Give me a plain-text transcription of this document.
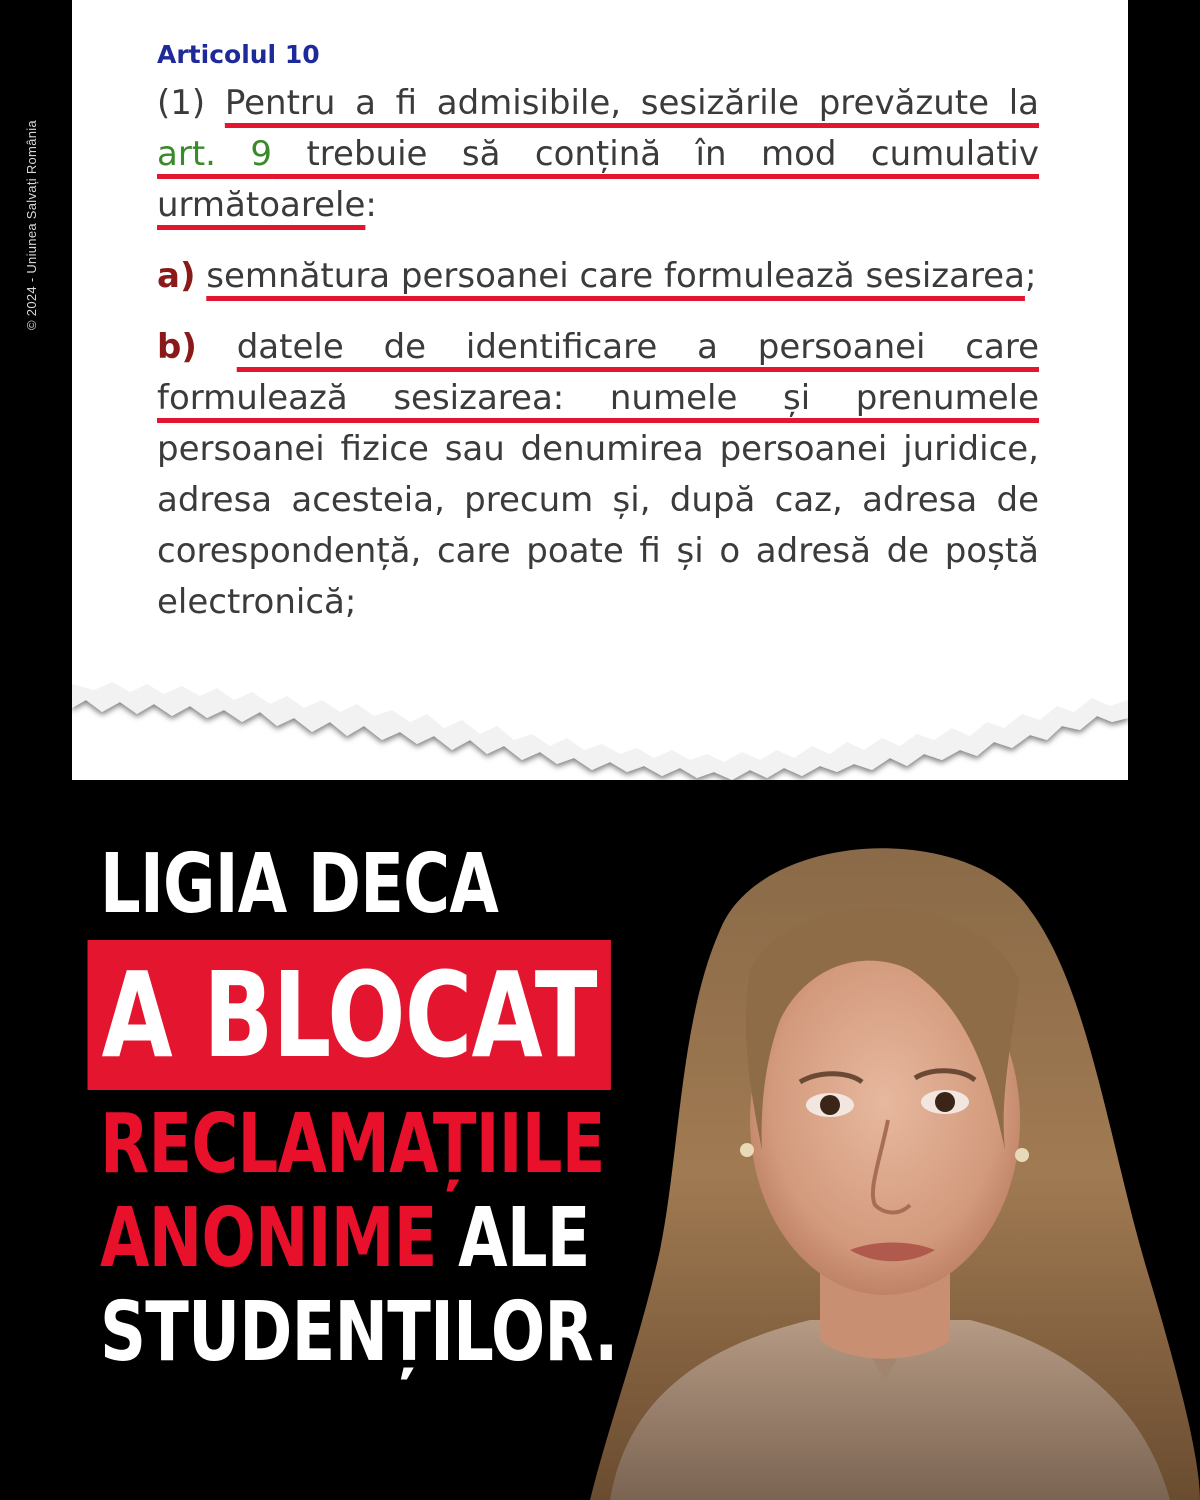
© 2024 - Uniunea Salvați România
Articolul 10

(1) Pentru a fi admisibile, sesizările prevăzute la art. 9 trebuie să conțină în mod cumulativ următoarele:

a) semnătura persoanei care formulează sesizarea;

b) datele de identificare a persoanei care formulează sesizarea: numele și prenumele persoanei fizice sau denumirea persoanei juridice, adresa acesteia, precum și, după caz, adresa de corespondență, care poate fi și o adresă de poștă electronică;

LIGIA DECA
A BLOCAT
RECLAMAȚIILE
ANONIME ALE
STUDENȚILOR.
